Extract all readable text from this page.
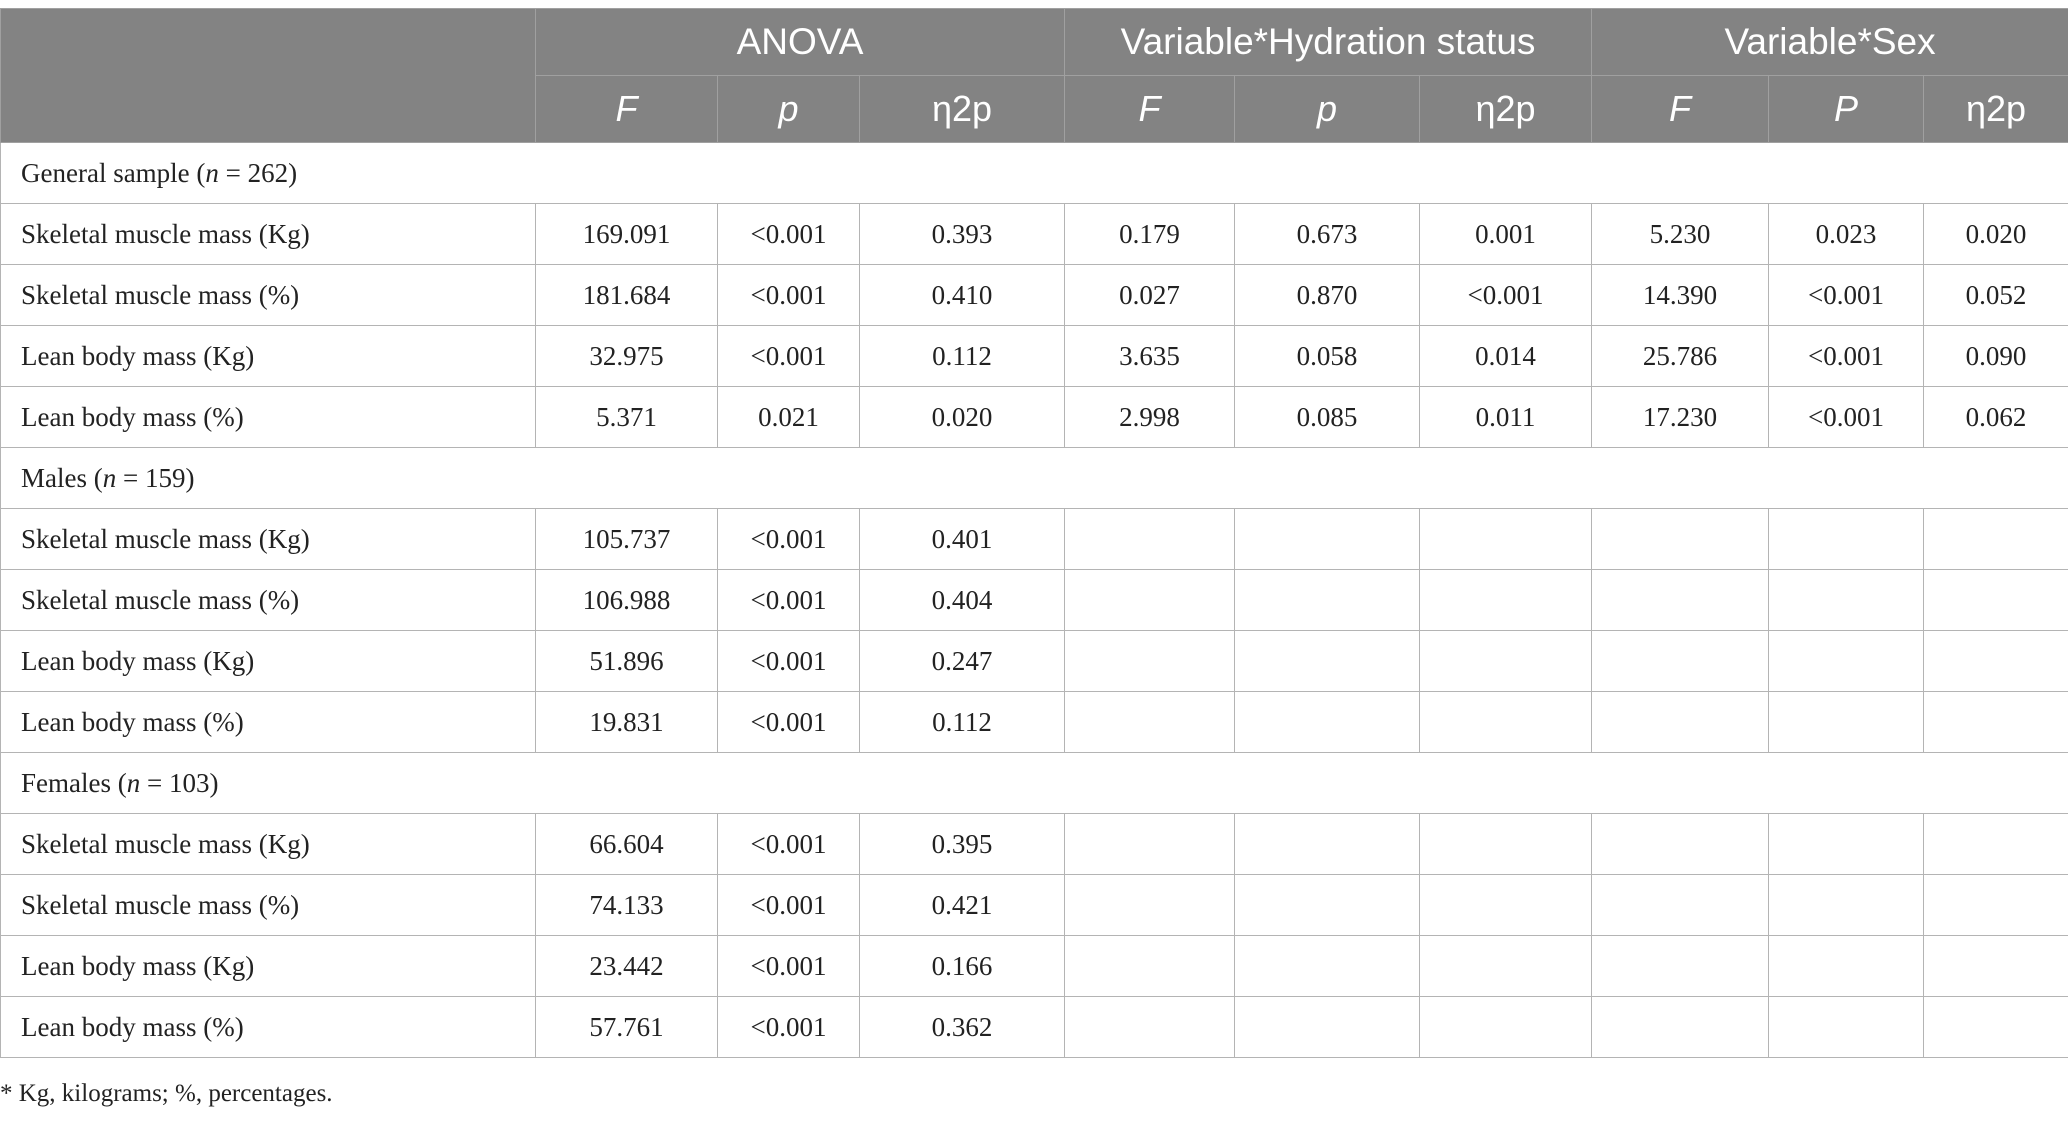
	ANOVA			Variable*Hydration status			Variable*Sex		
	F	p	η2p	F	p	η2p	F	P	η2p
General sample (n = 262)									
Skeletal muscle mass (Kg)	169.091	<0.001	0.393	0.179	0.673	0.001	5.230	0.023	0.020
Skeletal muscle mass (%)	181.684	<0.001	0.410	0.027	0.870	<0.001	14.390	<0.001	0.052
Lean body mass (Kg)	32.975	<0.001	0.112	3.635	0.058	0.014	25.786	<0.001	0.090
Lean body mass (%)	5.371	0.021	0.020	2.998	0.085	0.011	17.230	<0.001	0.062
Males (n = 159)									
Skeletal muscle mass (Kg)	105.737	<0.001	0.401						
Skeletal muscle mass (%)	106.988	<0.001	0.404						
Lean body mass (Kg)	51.896	<0.001	0.247						
Lean body mass (%)	19.831	<0.001	0.112						
Females (n = 103)									
Skeletal muscle mass (Kg)	66.604	<0.001	0.395						
Skeletal muscle mass (%)	74.133	<0.001	0.421						
Lean body mass (Kg)	23.442	<0.001	0.166						
Lean body mass (%)	57.761	<0.001	0.362						
* Kg, kilograms; %, percentages.
